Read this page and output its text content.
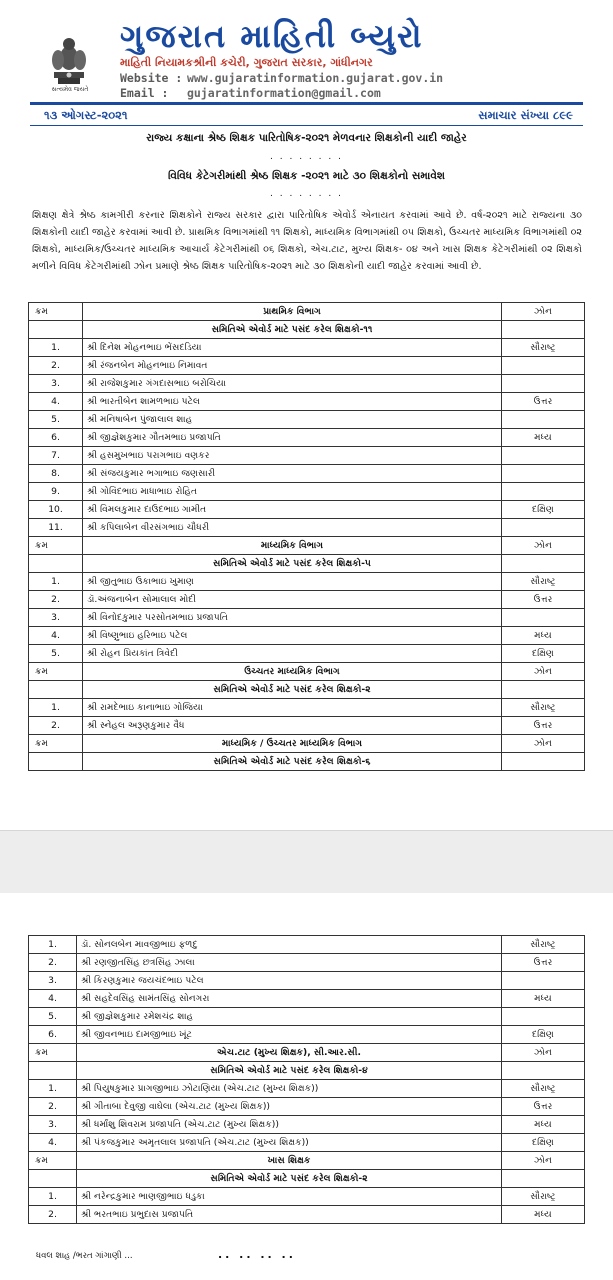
સત્યમેવ જયતે
ગુજરાત માહિતી બ્યુરો
માહિતી નિયામકશ્રીની કચેરી, ગુજરાત સરકાર, ગાંધીનગર
Website : www.gujaratinformation.gujarat.gov.in
Email : gujaratinformation@gmail.com
૧૩ ઓગસ્ટ-૨૦૨૧	સમાચાર સંખ્યા ૮૯૯
રાજ્ય કક્ષાના શ્રેષ્ઠ શિક્ષક પારિતોષિક-૨૦૨૧ મેળવનાર શિક્ષકોની યાદી જાહેર
. . . . . . . .
વિવિધ કેટેગરીમાંથી શ્રેષ્ઠ શિક્ષક -૨૦૨૧ માટે ૩૦ શિક્ષકોનો સમાવેશ
. . . . . . . .
શિક્ષણ ક્ષેત્રે શ્રેષ્ઠ કામગીરી કરનાર શિક્ષકોને રાજ્ય સરકાર દ્વારા પારિતોષિક એવોર્ડ એનાયત કરવામાં આવે છે. વર્ષ-૨૦૨૧ માટે રાજ્યના ૩૦ શિક્ષકોની યાદી જાહેર કરવામાં આવી છે. પ્રાથમિક વિભાગમાંથી ૧૧ શિક્ષકો, માધ્યમિક વિભાગમાંથી ૦૫ શિક્ષકો, ઉચ્ચતર માધ્યમિક વિભાગમાંથી ૦૨ શિક્ષકો, માધ્યમિક/ઉચ્ચતર માધ્યમિક આચાર્ય કેટેગરીમાંથી ૦૬ શિક્ષકો, એચ.ટાટ, મુખ્ય શિક્ષક- ૦૪ અને ખાસ શિક્ષક કેટેગરીમાંથી ૦૨ શિક્ષકો મળીને વિવિધ કેટેગરીમાંથી ઝોન પ્રમાણે શ્રેષ્ઠ શિક્ષક પારિતોષિક-૨૦૨૧ માટે ૩૦ શિક્ષકોની યાદી જાહેર કરવામાં આવી છે.
ક્રમ	પ્રાથમિક વિભાગ	ઝોન
	સમિતિએ એવોર્ડ માટે પસંદ કરેલ શિક્ષકો-૧૧	
1.	શ્રી દિનેશ મોહનભાઇ ભેંસદડિયા	સૌરાષ્ટ્ર
2.	શ્રી રંજનબેન મોહનભાઇ નિમાવત	
3.	શ્રી રાજેશકુમાર ગંગદાસભાઇ બરોચિયા	
4.	શ્રી ભારતીબેન શામળભાઇ પટેલ	ઉત્તર
5.	શ્રી મનિષાબેન પુંજાલાલ શાહ	
6.	શ્રી જીજ્ઞેશકુમાર ગૌતમભાઇ પ્રજાપતિ	મધ્ય
7.	શ્રી હસમુખભાઇ પરાગભાઇ વણકર	
8.	શ્રી સંજયકુમાર ભગાભાઇ જણસારી	
9.	શ્રી ગોવિંદભાઇ માધાભાઇ રોહિત	
10.	શ્રી વિમલકુમાર દાઉદભાઇ ગામીત	દક્ષિણ
11.	શ્રી કપિલાબેન વીરસંગભાઇ ચૌધરી	
ક્રમ	માધ્યમિક વિભાગ	ઝોન
	સમિતિએ એવોર્ડ માટે પસંદ કરેલ શિક્ષકો-૫	
1.	શ્રી જીતુભાઇ ઉકાભાઇ ખુમાણ	સૌરાષ્ટ્ર
2.	ડૉ.અંજનાબેન સોમાલાલ મોદી	ઉત્તર
3.	શ્રી વિનોદકુમાર પરસોતમભાઇ પ્રજાપતિ	
4.	શ્રી વિષ્ણુભાઇ હરિભાઇ પટેલ	મધ્ય
5.	શ્રી રોહન પ્રિયકાંત ત્રિવેદી	દક્ષિણ
ક્રમ	ઉચ્ચતર માધ્યમિક વિભાગ	ઝોન
	સમિતિએ એવોર્ડ માટે પસંદ કરેલ શિક્ષકો-૨	
1.	શ્રી રામદેભાઇ કાનાભાઇ ગોજિયા	સૌરાષ્ટ્ર
2.	શ્રી સ્નેહલ અરૂણકુમાર વૈધ	ઉત્તર
ક્રમ	માધ્યમિક / ઉચ્ચતર માધ્યમિક વિભાગ	ઝોન
	સમિતિએ એવોર્ડ માટે પસંદ કરેલ શિક્ષકો-૬	
1.	ડૉ. સોનલબેન માવજીભાઇ ફળદુ	સૌરાષ્ટ્ર
2.	શ્રી રણજીતસિંહ છત્રસિંહ ઝાલા	ઉત્તર
3.	શ્રી કિરણકુમાર જયચંદભાઇ પટેલ	
4.	શ્રી સહદેવસિંહ સામંતસિંહ સોનગરા	મધ્ય
5.	શ્રી જીજ્ઞેશકુમાર રમેશચંદ્ર શાહ	
6.	શ્રી જીવનભાઇ દામજીભાઇ ખૂંટ	દક્ષિણ
ક્રમ	એચ.ટાટ (મુખ્ય શિક્ષક), સી.આર.સી.	ઝોન
	સમિતિએ એવોર્ડ માટે પસંદ કરેલ શિક્ષકો-૪	
1.	શ્રી પિયુષકુમાર પ્રાગજીભાઇ ઝોટાણિયા (એચ.ટાટ (મુખ્ય શિક્ષક))	સૌરાષ્ટ્ર
2.	શ્રી ગીતાબા દેવુજી વાઘેલા (એચ.ટાટ (મુખ્ય શિક્ષક))	ઉત્તર
3.	શ્રી ધર્માંશુ શિવરામ પ્રજાપતિ (એચ.ટાટ (મુખ્ય શિક્ષક))	મધ્ય
4.	શ્રી પંકજકુમાર અમૃતલાલ પ્રજાપતિ (એચ.ટાટ (મુખ્ય શિક્ષક))	દક્ષિણ
ક્રમ	ખાસ શિક્ષક	ઝોન
	સમિતિએ એવોર્ડ માટે પસંદ કરેલ શિક્ષકો-૨	
1.	શ્રી નરેન્દ્રકુમાર ભાણજીભાઇ ધડુકા	સૌરાષ્ટ્ર
2.	શ્રી ભરતભાઇ પ્રભુદાસ પ્રજાપતિ	મધ્ય
ધવલ શાહ /ભરત ગાંગાણી ...	.. .. .. ..
